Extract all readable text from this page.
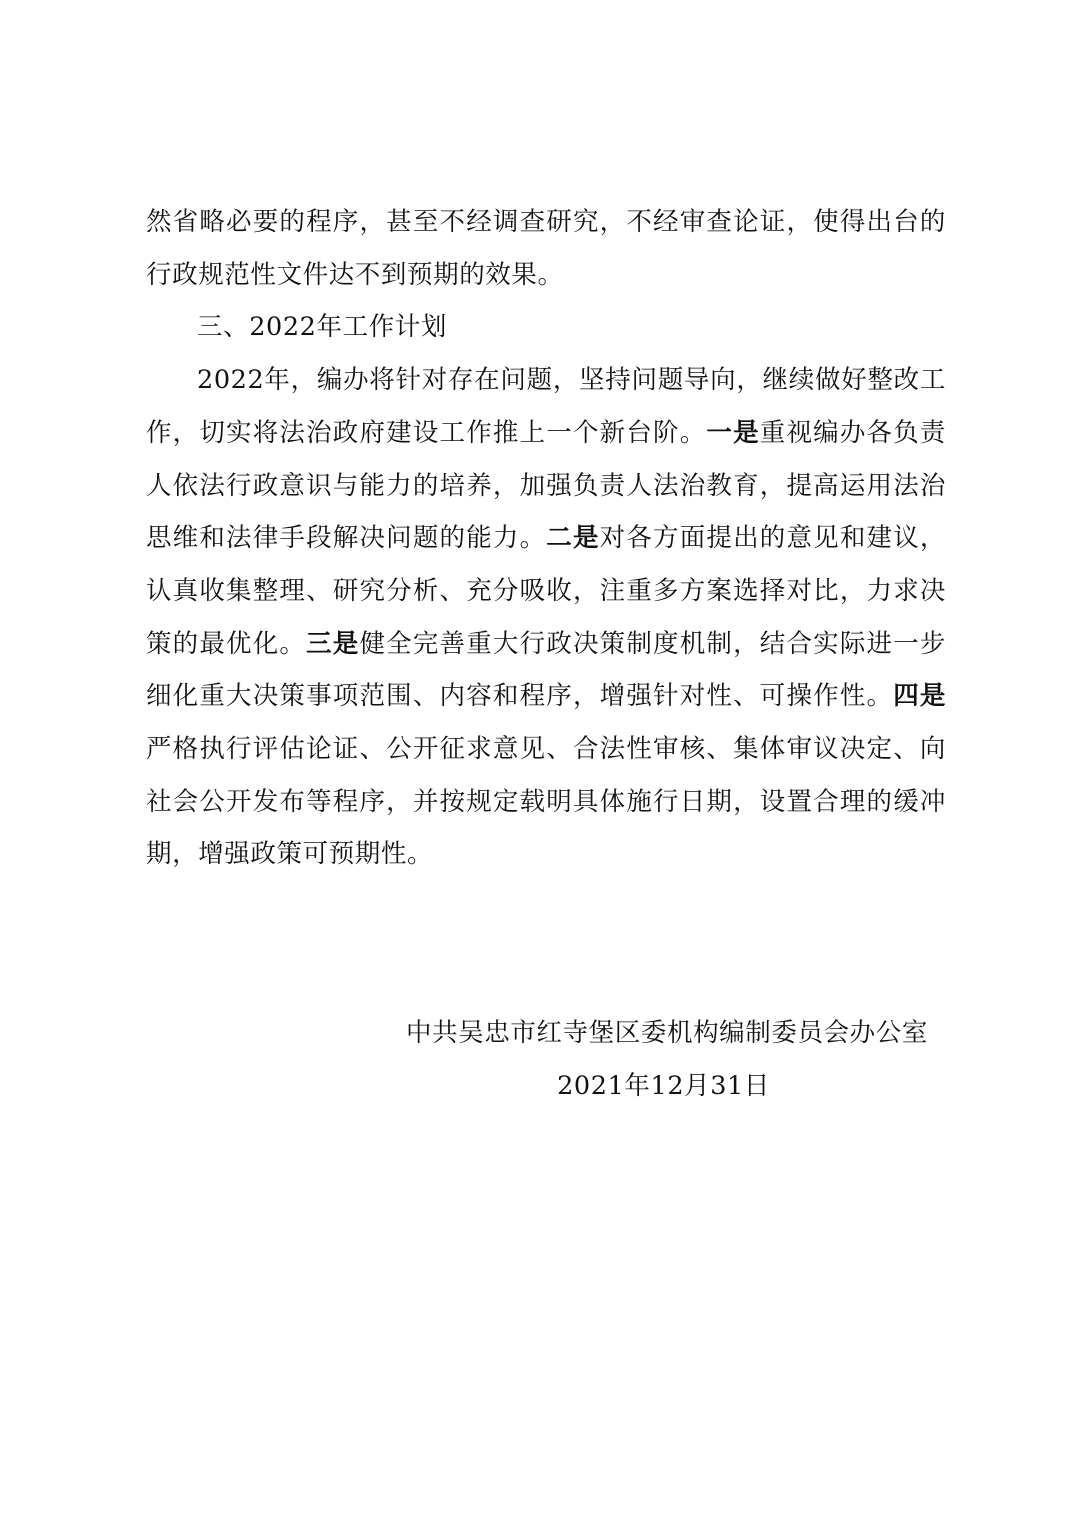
然省略必要的程序，甚至不经调查研究，不经审查论证，使得出台的行政规范性文件达不到预期的效果。

三、2022年工作计划

2022年，编办将针对存在问题，坚持问题导向，继续做好整改工作，切实将法治政府建设工作推上一个新台阶。一是重视编办各负责人依法行政意识与能力的培养，加强负责人法治教育，提高运用法治思维和法律手段解决问题的能力。二是对各方面提出的意见和建议，认真收集整理、研究分析、充分吸收，注重多方案选择对比，力求决策的最优化。三是健全完善重大行政决策制度机制，结合实际进一步细化重大决策事项范围、内容和程序，增强针对性、可操作性。四是严格执行评估论证、公开征求意见、合法性审核、集体审议决定、向社会公开发布等程序，并按规定载明具体施行日期，设置合理的缓冲期，增强政策可预期性。

中共吴忠市红寺堡区委机构编制委员会办公室
2021年12月31日
